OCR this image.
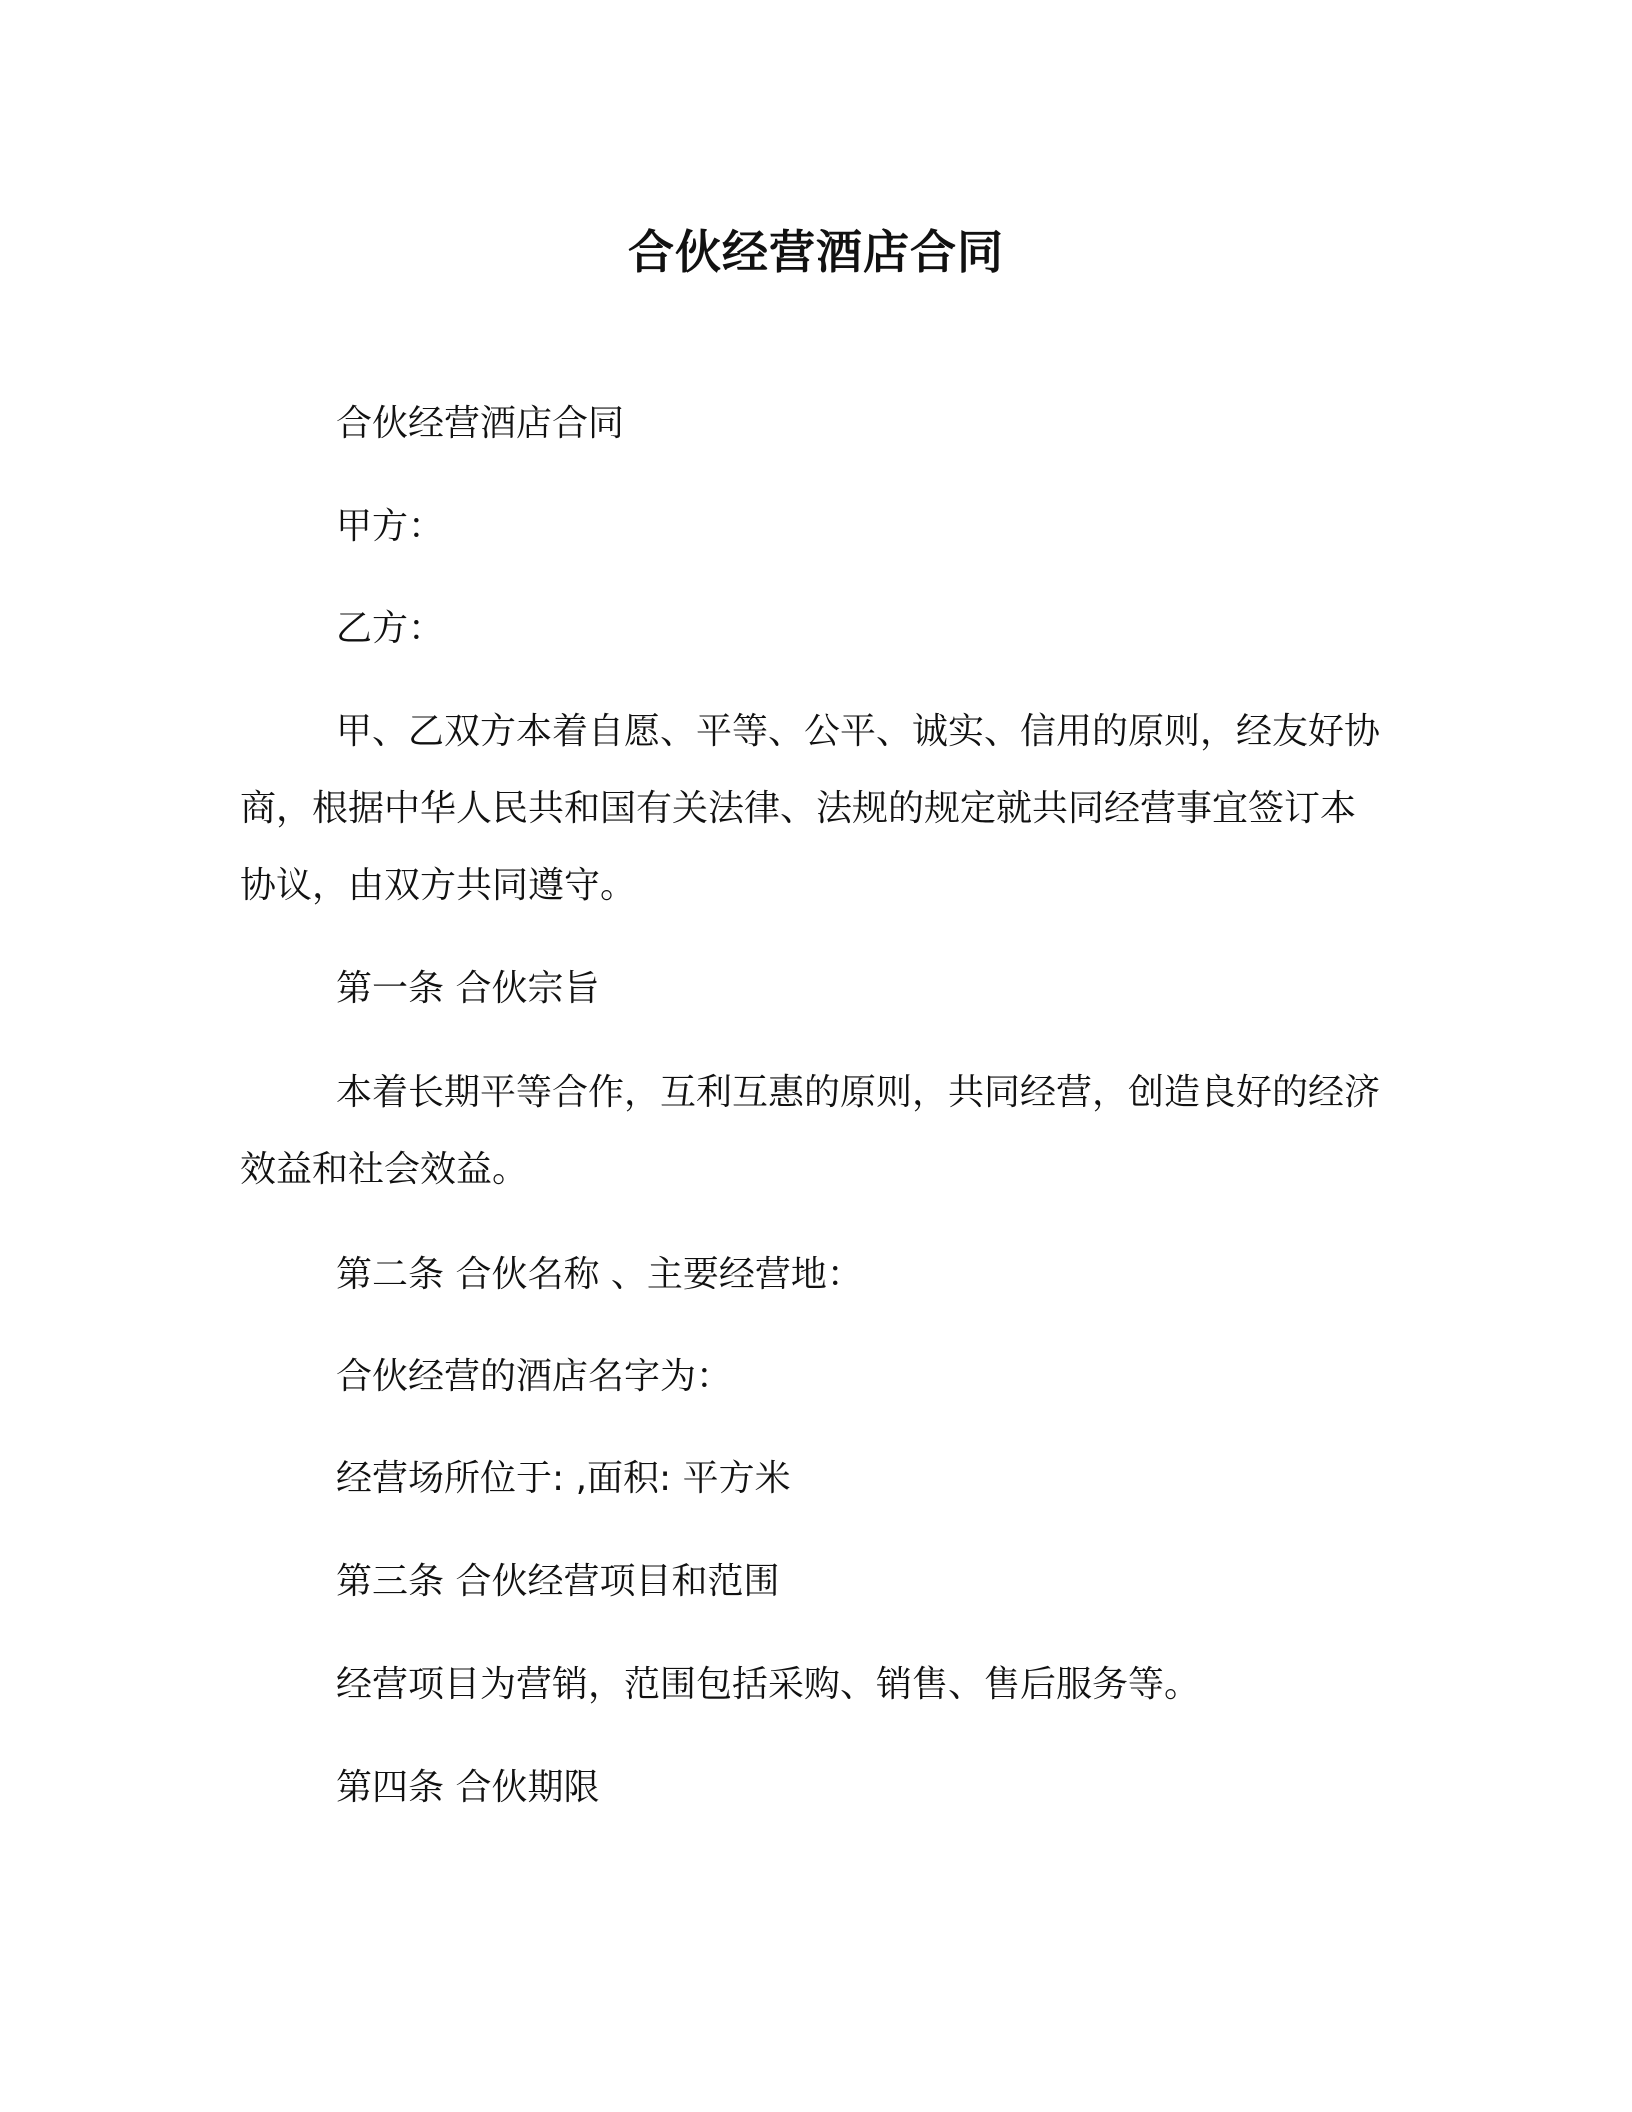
合伙经营酒店合同

合伙经营酒店合同

甲方：

乙方：

甲、乙双方本着自愿、平等、公平、诚实、信用的原则，经友好协商，根据中华人民共和国有关法律、法规的规定就共同经营事宜签订本协议，由双方共同遵守。

第一条 合伙宗旨

本着长期平等合作，互利互惠的原则，共同经营，创造良好的经济效益和社会效益。

第二条 合伙名称 、主要经营地：

合伙经营的酒店名字为：

经营场所位于: ,面积: 平方米

第三条 合伙经营项目和范围

经营项目为营销，范围包括采购、销售、售后服务等。

第四条 合伙期限
